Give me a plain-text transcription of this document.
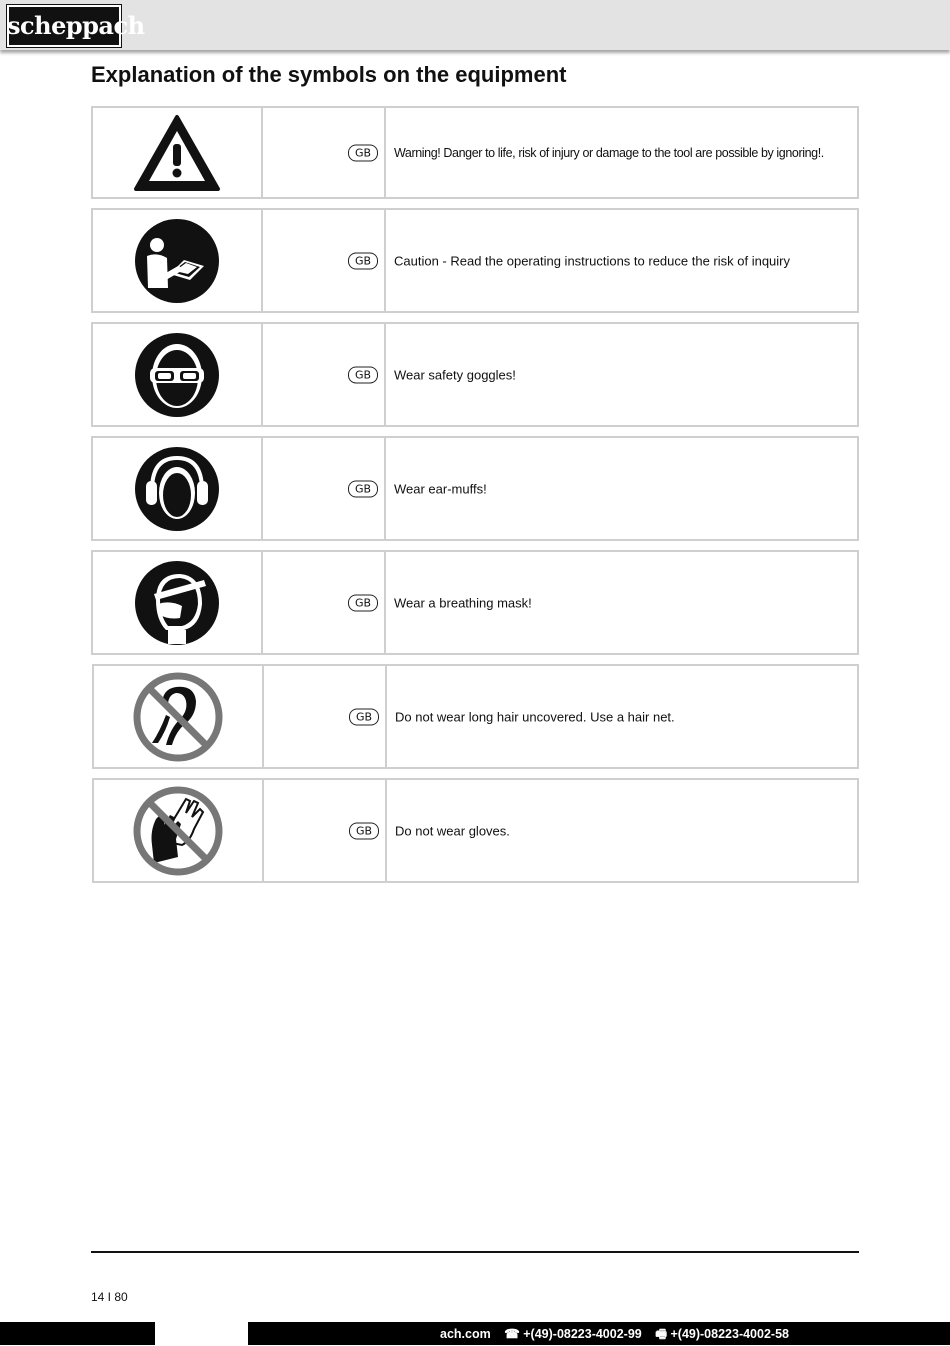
scheppach
Explanation of the symbols on the equipment
GB	Warning! Danger to life, risk of injury or damage to the tool are possible by ignoring!.
GB	Caution - Read the operating instructions to reduce the risk of inquiry
GB	Wear safety goggles!
GB	Wear ear-muffs!
GB	Wear a breathing mask!
GB	Do not wear long hair uncovered. Use a hair net.
GB	Do not wear gloves.
14 I 80
ach.com ☎ +(49)-08223-4002-99 🖷 +(49)-08223-4002-58
